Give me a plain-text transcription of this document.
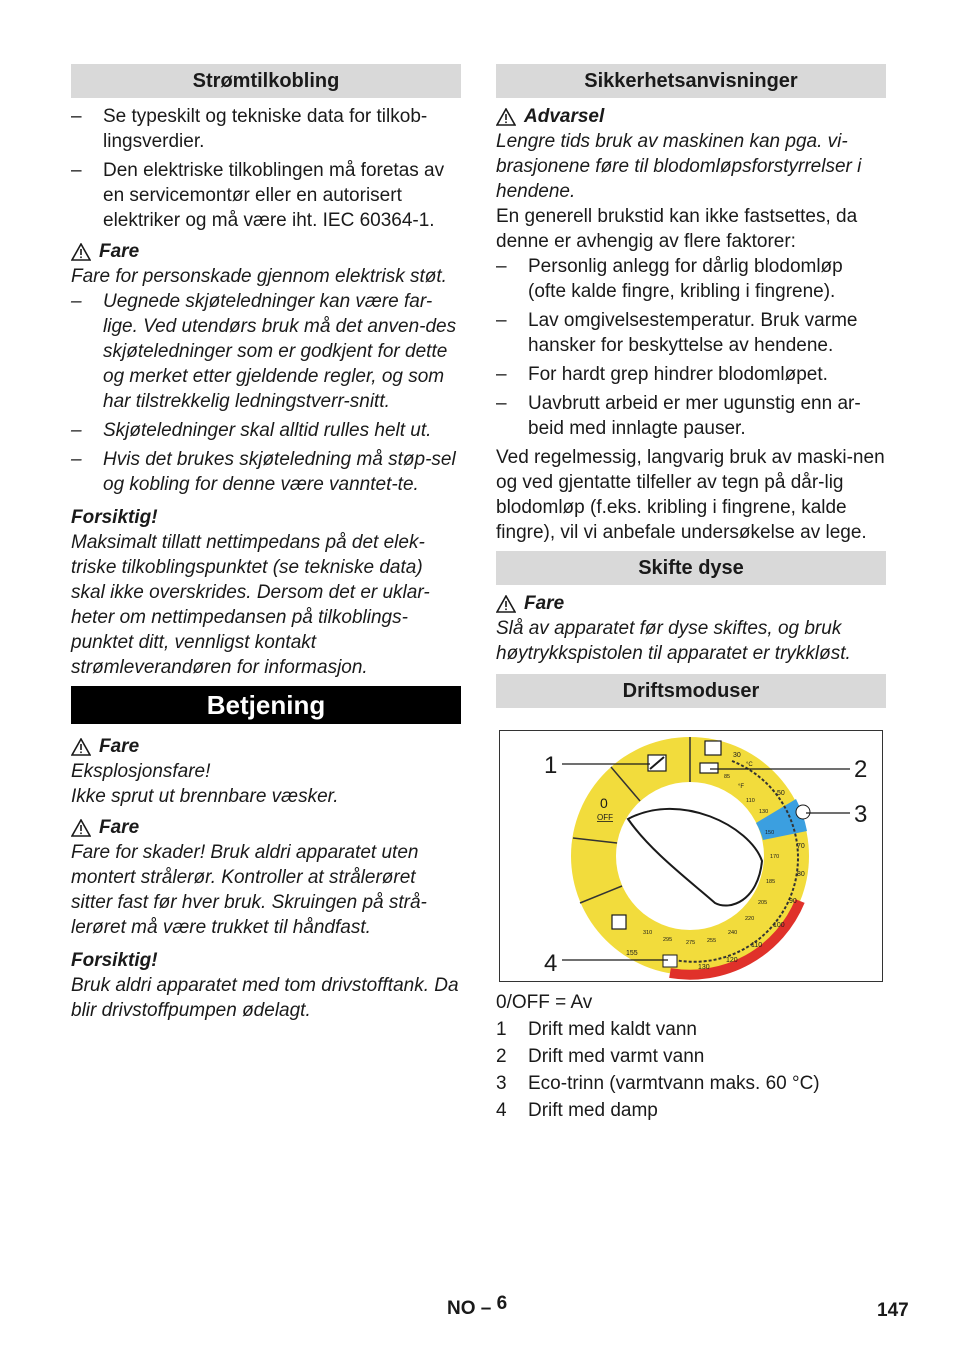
Strømtilkobling
– Se typeskilt og tekniske data for tilkob-lingsverdier.
– Den elektriske tilkoblingen må foretas av en servicemontør eller en autorisert elektriker og må være iht. IEC 60364-1.
Fare

Fare for personskade gjennom elektrisk støt.

– Uegnede skjøteledninger kan være far-lige. Ved utendørs bruk må det anven-des skjøteledninger som er godkjent for dette og merket etter gjeldende regler, og som har tilstrekkelig ledningstverr-snitt.
– Skjøteledninger skal alltid rulles helt ut.
– Hvis det brukes skjøteledning må støp-sel og kobling for denne være vanntet-te.

Forsiktig!

Maksimalt tillatt nettimpedans på det elek-triske tilkoblingspunktet (se tekniske data) skal ikke overskrides. Dersom det er uklar-heter om nettimpedansen på tilkoblings-punktet ditt, vennligst kontakt strømleverandøren for informasjon.

Betjening
Fare

Eksplosjonsfare!

Ikke sprut ut brennbare væsker.

Fare

Fare for skader! Bruk aldri apparatet uten montert strålerør. Kontroller at strålerøret sitter fast før hver bruk. Skruingen på strå-lerøret må være trukket til håndfast.

Forsiktig!

Bruk aldri apparatet med tom drivstofftank. Da blir drivstoffpumpen ødelagt.

Sikkerhetsanvisninger
Advarsel

Lengre tids bruk av maskinen kan pga. vi-brasjonene føre til blodomløpsforstyrrelser i hendene.

En generell brukstid kan ikke fastsettes, da denne er avhengig av flere faktorer:

– Personlig anlegg for dårlig blodomløp (ofte kalde fingre, kribling i fingrene).
– Lav omgivelsestemperatur. Bruk varme hansker for beskyttelse av hendene.
– For hardt grep hindrer blodomløpet.
– Uavbrutt arbeid er mer ugunstig enn ar-beid med innlagte pauser.

Ved regelmessig, langvarig bruk av maski-nen og ved gjentatte tilfeller av tegn på dår-lig blodomløp (f.eks. kribling i fingrene, kalde fingre), vil vi anbefale undersøkelse av lege.

Skifte dyse
Fare

Slå av apparatet før dyse skiftes, og bruk høytrykkspistolen til apparatet er trykkløst.

Driftsmoduser
0
OFF
°C
°F
30
50
70
80
90
100
110
120
130
155
85
110
130
150
170
185
205
220
240
255
275
295
310
1	2
3
4

0/OFF = Av

1 Drift med kaldt vann

2 Drift med varmt vann

3 Eco-trinn (varmtvann maks. 60 °C)

4 Drift med damp

NO – 6	147
